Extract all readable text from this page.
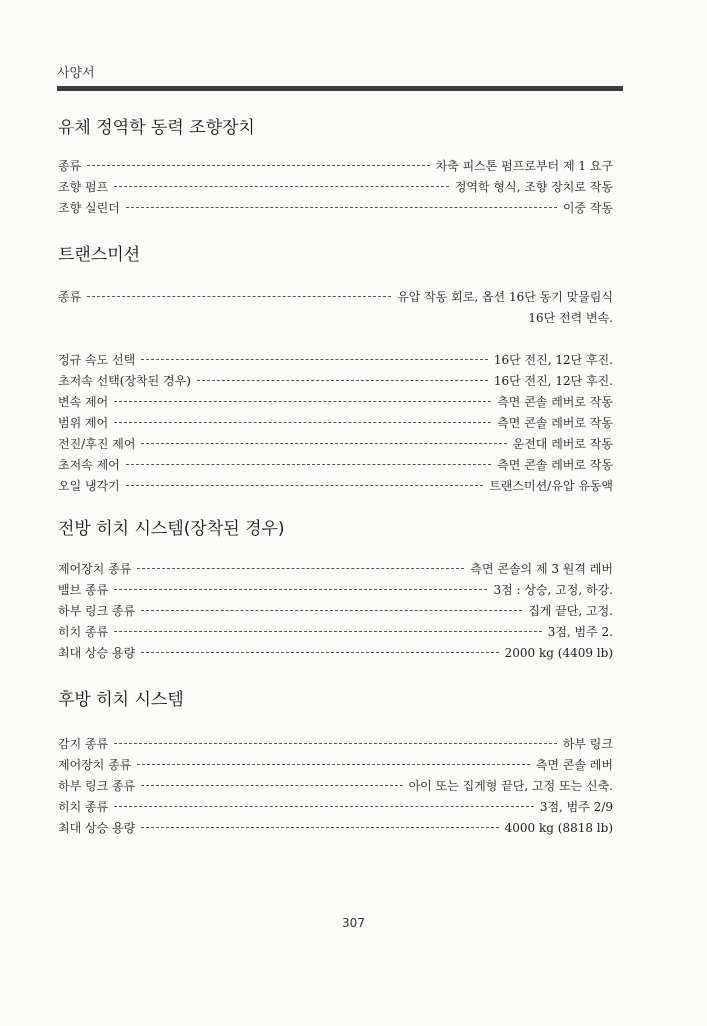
사양서
유체 정역학 동력 조향장치
종류	차축 피스톤 펌프로부터 제 1 요구
조향 펌프	정역학 형식, 조향 장치로 작동
조향 실린더	이중 작동
트랜스미션
종류	유압 작동 회로, 옵션 16단 동기 맞물림식
16단 전력 변속.
정규 속도 선택	16단 전진, 12단 후진.
초저속 선택(장착된 경우)	16단 전진, 12단 후진.
변속 제어	측면 콘솔 레버로 작동
범위 제어	측면 콘솔 레버로 작동
전진/후진 제어	운전대 레버로 작동
초저속 제어	측면 콘솔 레버로 작동
오일 냉각기	트랜스미션/유압 유동액
전방 히치 시스템(장착된 경우)
제어장치 종류	측면 콘솔의 제 3 원격 레버
밸브 종류	3점 : 상승, 고정, 하강.
하부 링크 종류	집게 끝단, 고정.
히치 종류	3점, 범주 2.
최대 상승 용량	2000 kg (4409 lb)
후방 히치 시스템
감지 종류	하부 링크
제어장치 종류	측면 콘솔 레버
하부 링크 종류	아이 또는 집게형 끝단, 고정 또는 신축.
히치 종류	3점, 범주 2/9
최대 상승 용량	4000 kg (8818 lb)
307
